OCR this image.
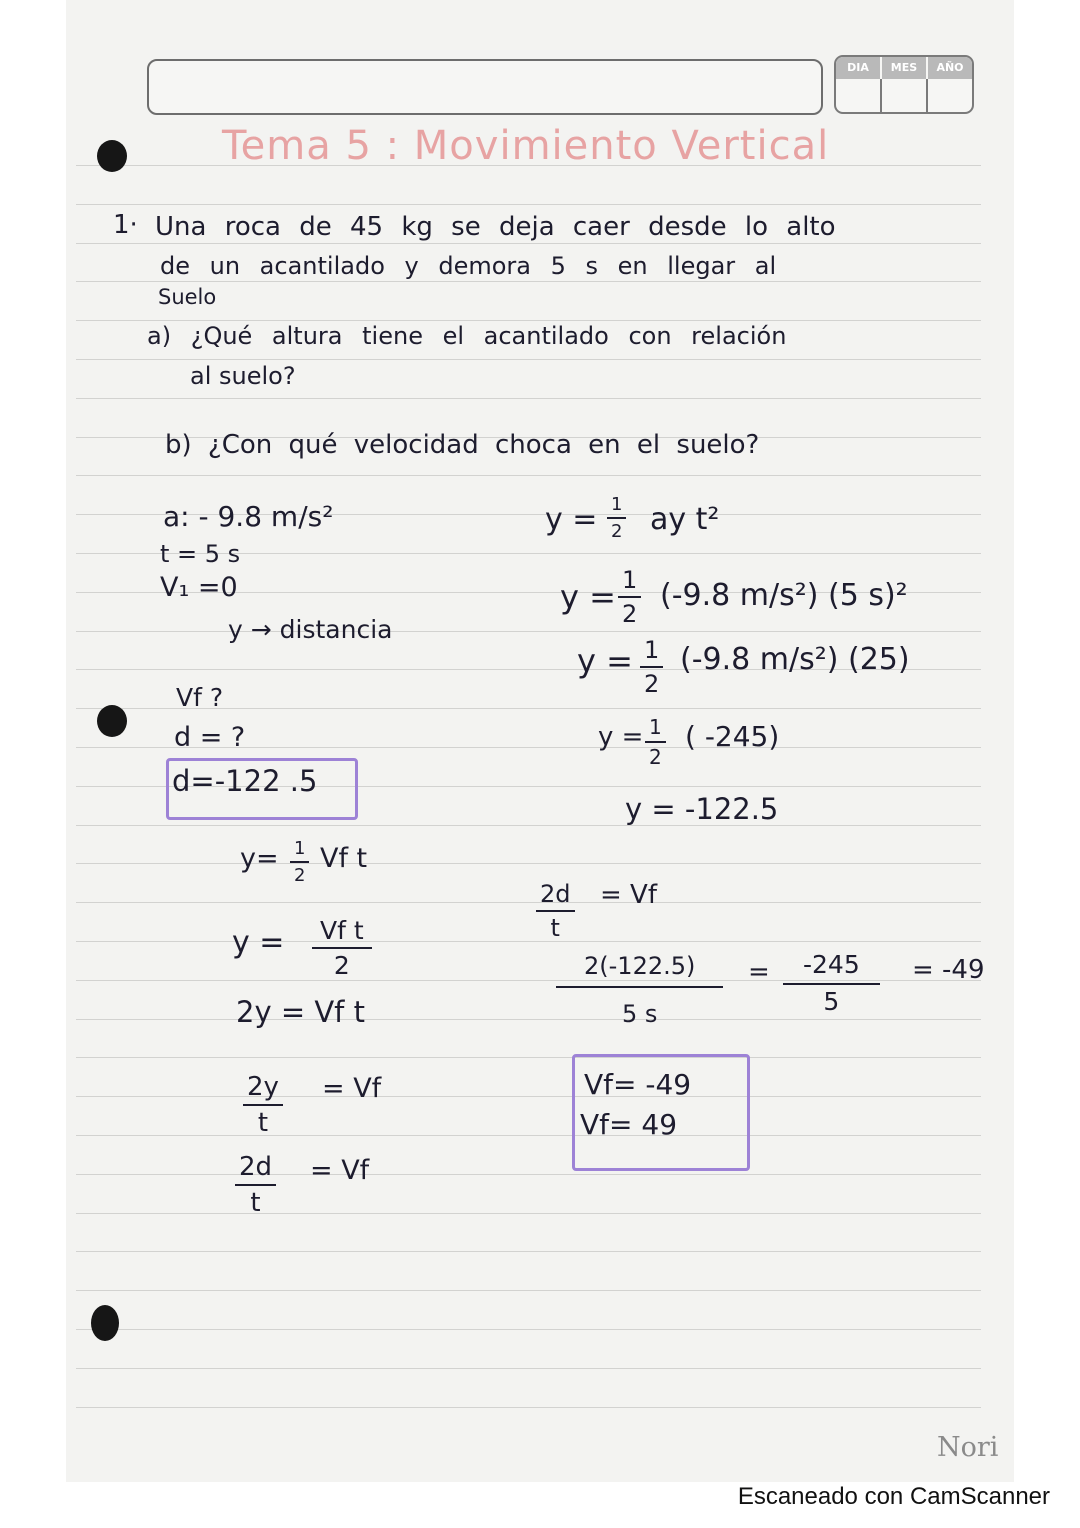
DIA	MES	AÑO
Tema 5 : Movimiento Vertical
1· Una roca de 45 kg se deja caer desde lo alto
de un acantilado y demora 5 s en llegar al
Suelo
a) ¿Qué altura tiene el acantilado con relación
al suelo?
b) ¿Con qué velocidad choca en el suelo?
a: - 9.8 m/s²
t = 5 s
V₁ =0
y → distancia
Vf ?
d = ?
d=-122 .5
$y = \frac{1}{2}$ ay t²
$y = \frac{1}{2} (-9.8$ m/s²) (5 s)²
$y = \frac{1}{2} (-9.8$ m/s²) (25)
$y = \frac{1}{2}$ ( -245)
y = -122.5
$\frac{2d}{t} = Vf$
$\frac{2(-122.5)}{5 s} = \frac{-245}{5} = -49$
Vf= -49
Vf= 49
$y= \frac{1}{2}$ Vf t
$y = \frac{\text{Vf t}}{2}$
2y = Vf t
$\frac{2y}{t} = Vf$
$\frac{2d}{t} = Vf$
Nori
Escaneado con CamScanner
